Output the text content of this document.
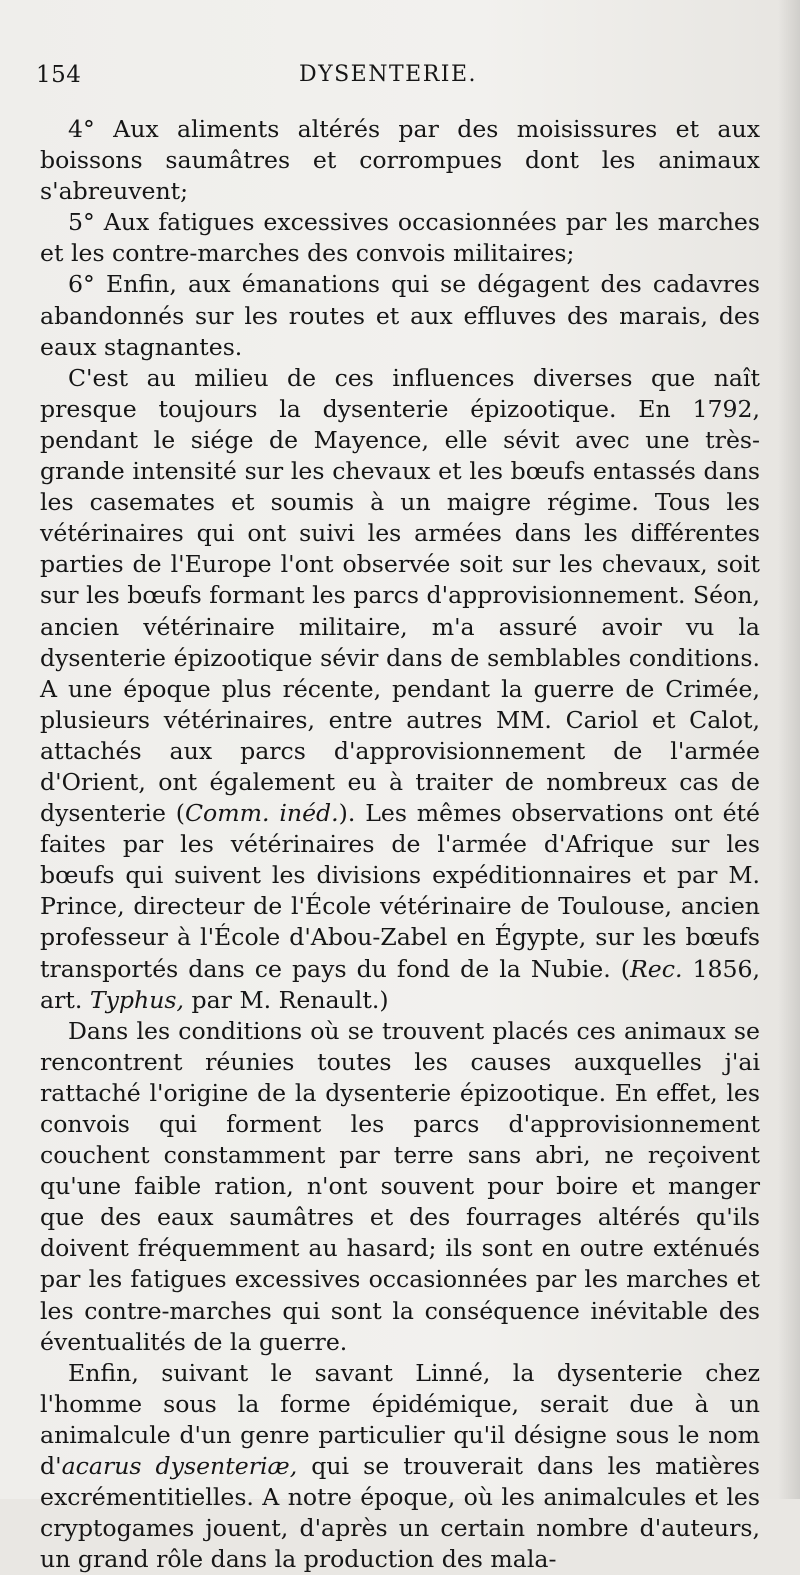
154	DYSENTERIE.

4° Aux aliments altérés par des moisissures et aux boissons saumâtres et corrompues dont les animaux s'abreuvent;

5° Aux fatigues excessives occasionnées par les marches et les contre-marches des convois militaires;

6° Enfin, aux émanations qui se dégagent des cadavres abandonnés sur les routes et aux effluves des marais, des eaux stagnantes.

C'est au milieu de ces influences diverses que naît presque toujours la dysenterie épizootique. En 1792, pendant le siége de Mayence, elle sévit avec une très-grande intensité sur les chevaux et les bœufs entassés dans les casemates et soumis à un maigre régime. Tous les vétérinaires qui ont suivi les armées dans les différentes parties de l'Europe l'ont observée soit sur les chevaux, soit sur les bœufs formant les parcs d'approvisionnement. Séon, ancien vétérinaire militaire, m'a assuré avoir vu la dysenterie épizootique sévir dans de semblables conditions. A une époque plus récente, pendant la guerre de Crimée, plusieurs vétérinaires, entre autres MM. Cariol et Calot, attachés aux parcs d'approvisionnement de l'armée d'Orient, ont également eu à traiter de nombreux cas de dysenterie (Comm. inéd.). Les mêmes observations ont été faites par les vétérinaires de l'armée d'Afrique sur les bœufs qui suivent les divisions expéditionnaires et par M. Prince, directeur de l'École vétérinaire de Toulouse, ancien professeur à l'École d'Abou-Zabel en Égypte, sur les bœufs transportés dans ce pays du fond de la Nubie. (Rec. 1856, art. Typhus, par M. Renault.)

Dans les conditions où se trouvent placés ces animaux se rencontrent réunies toutes les causes auxquelles j'ai rattaché l'origine de la dysenterie épizootique. En effet, les convois qui forment les parcs d'approvisionnement couchent constamment par terre sans abri, ne reçoivent qu'une faible ration, n'ont souvent pour boire et manger que des eaux saumâtres et des fourrages altérés qu'ils doivent fréquemment au hasard; ils sont en outre exténués par les fatigues excessives occasionnées par les marches et les contre-marches qui sont la conséquence inévitable des éventualités de la guerre.

Enfin, suivant le savant Linné, la dysenterie chez l'homme sous la forme épidémique, serait due à un animalcule d'un genre particulier qu'il désigne sous le nom d'acarus dysenteriæ, qui se trouverait dans les matières excrémentitielles. A notre époque, où les animalcules et les cryptogames jouent, d'après un certain nombre d'auteurs, un grand rôle dans la production des mala-
